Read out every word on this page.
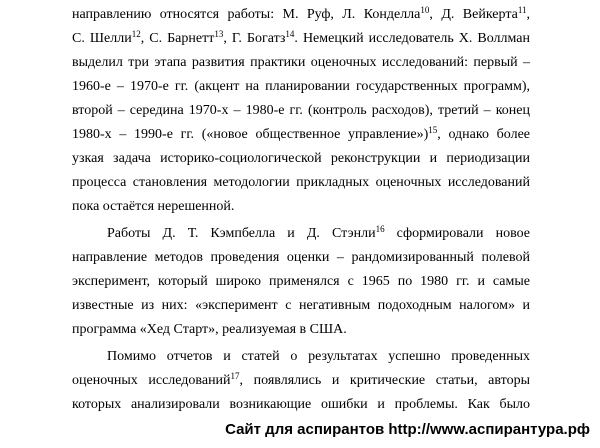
направлению относятся работы: М. Руф, Л. Конделла$^{10}$, Д. Вейкерта$^{11}$,
С. Шелли$^{12}$, С. Барнетт$^{13}$, Г. Богатз$^{14}$. Немецкий исследователь Х. Воллман
выделил три этапа развития практики оценочных исследований: первый –
1960-е – 1970-е гг. (акцент на планировании государственных программ),
второй – середина 1970-х – 1980-е гг. (контроль расходов), третий – конец
1980-х – 1990-е гг. («новое общественное управление»)$^{15}$, однако более
узкая задача историко-социологической реконструкции и периодизации
процесса становления методологии прикладных оценочных исследований
пока остаётся нерешенной.
Работы Д. Т. Кэмпбелла и Д. Стэнли$^{16}$ сформировали новое
направление методов проведения оценки – рандомизированный полевой
эксперимент, который широко применялся с 1965 по 1980 гг. и самые
известные из них: «эксперимент с негативным подоходным налогом» и
программа «Хед Старт», реализуемая в США.
Помимо отчетов и статей о результатах успешно проведенных
оценочных исследований$^{17}$, появлялись и критические статьи, авторы
которых анализировали возникающие ошибки и проблемы. Как было
Сайт для аспирантов http://www.аспирантура.рф
